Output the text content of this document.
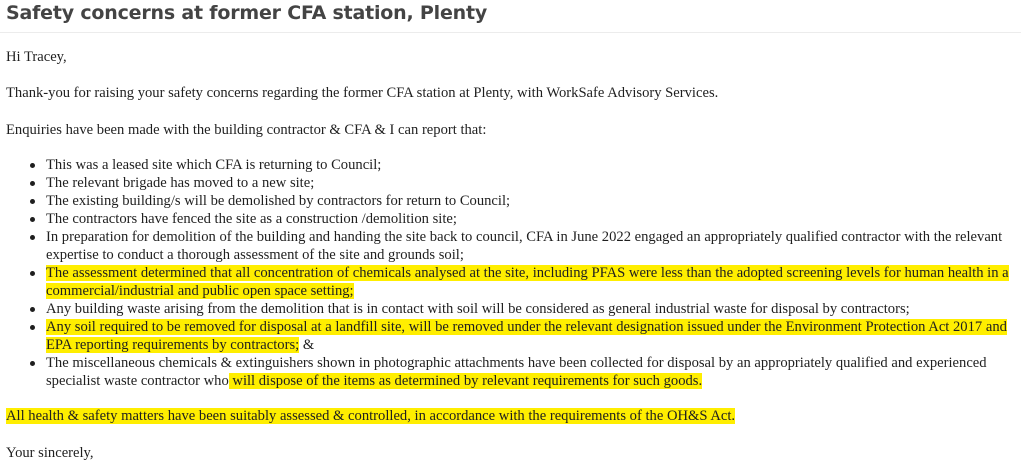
Safety concerns at former CFA station, Plenty

Hi Tracey,

Thank-you for raising your safety concerns regarding the former CFA station at Plenty, with WorkSafe Advisory Services.

Enquiries have been made with the building contractor & CFA & I can report that:

This was a leased site which CFA is returning to Council;
The relevant brigade has moved to a new site;
The existing building/s will be demolished by contractors for return to Council;
The contractors have fenced the site as a construction /demolition site;
In preparation for demolition of the building and handing the site back to council, CFA in June 2022 engaged an appropriately qualified contractor with the relevant expertise to conduct a thorough assessment of the site and grounds soil;
The assessment determined that all concentration of chemicals analysed at the site, including PFAS were less than the adopted screening levels for human health in a commercial/industrial and public open space setting;
Any building waste arising from the demolition that is in contact with soil will be considered as general industrial waste for disposal by contractors;
Any soil required to be removed for disposal at a landfill site, will be removed under the relevant designation issued under the Environment Protection Act 2017 and EPA reporting requirements by contractors; &
The miscellaneous chemicals & extinguishers shown in photographic attachments have been collected for disposal by an appropriately qualified and experienced specialist waste contractor who will dispose of the items as determined by relevant requirements for such goods.

All health & safety matters have been suitably assessed & controlled, in accordance with the requirements of the OH&S Act.

Your sincerely,
